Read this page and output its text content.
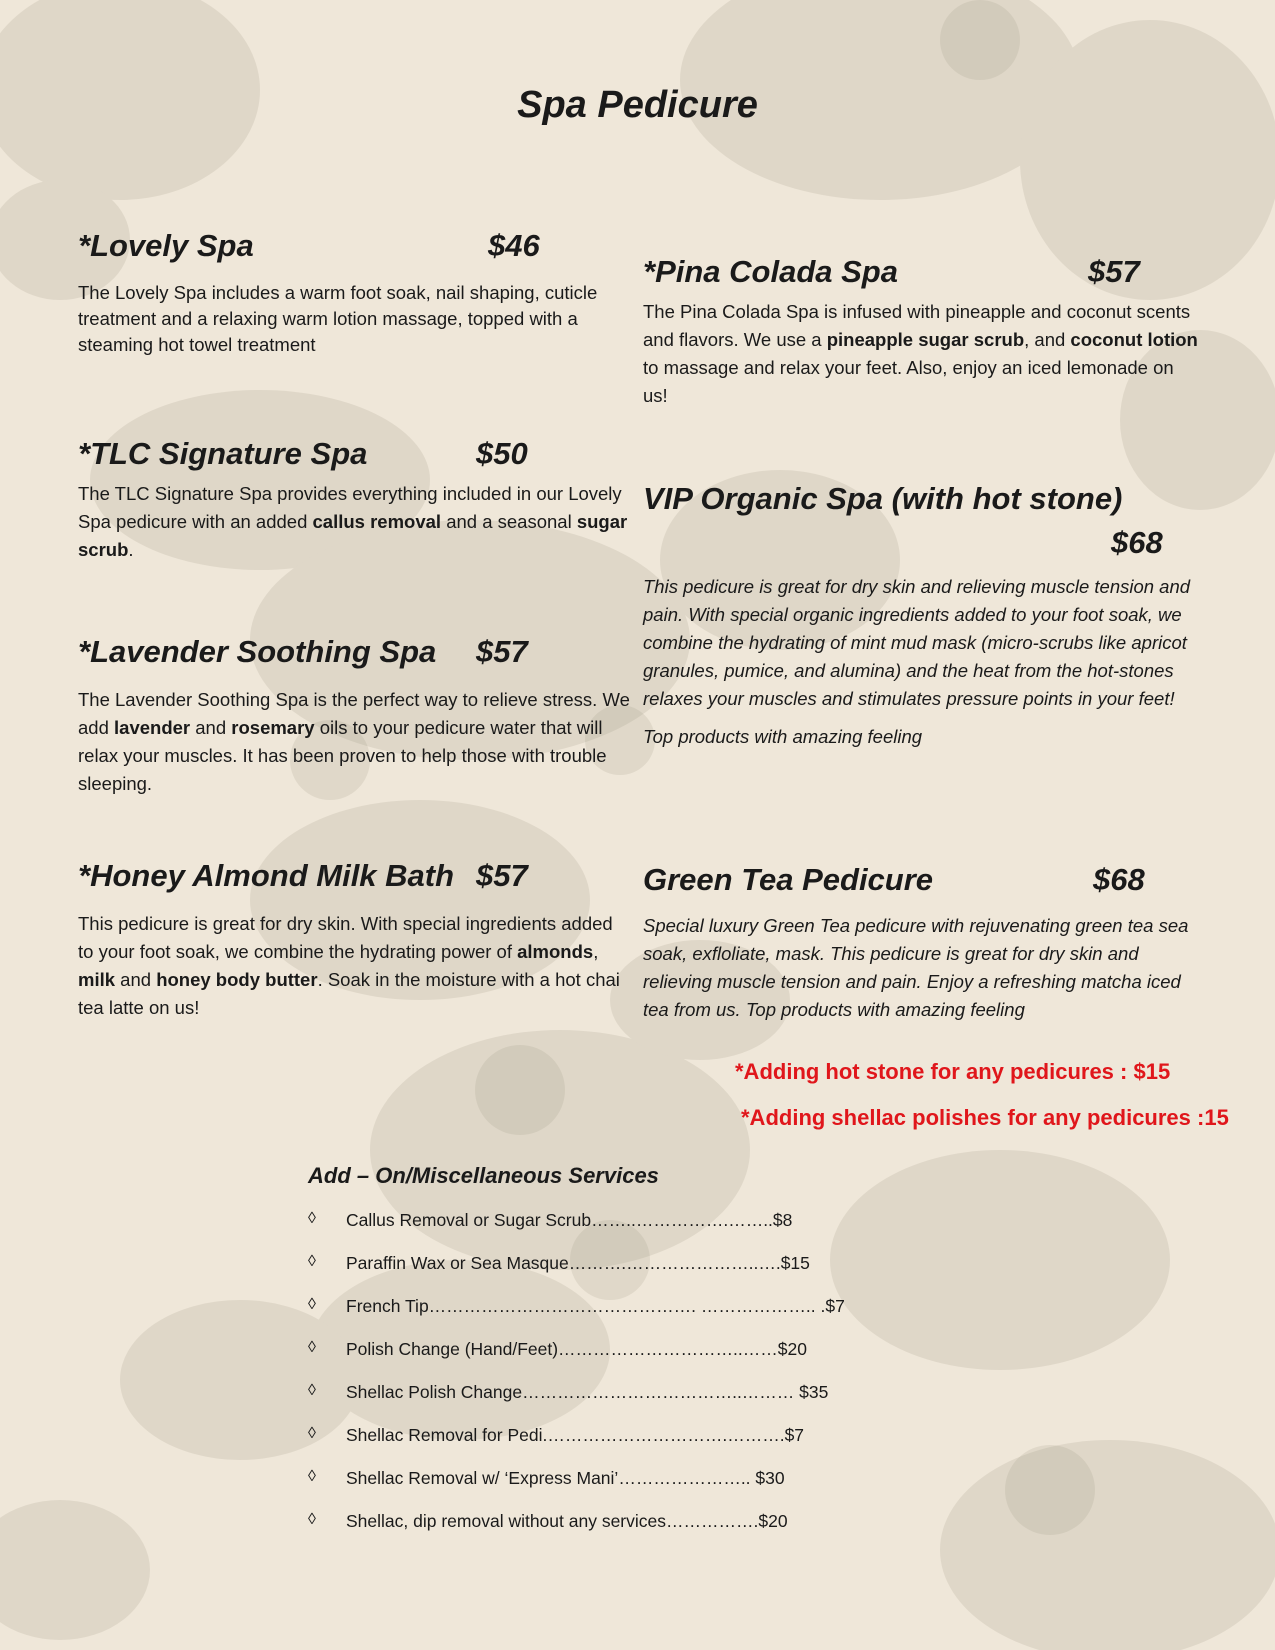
Spa Pedicure
*Lovely Spa	$46

The Lovely Spa includes a warm foot soak, nail shaping, cuticle treatment and a relaxing warm lotion massage, topped with a steaming hot towel treatment

*TLC Signature Spa	$50

The TLC Signature Spa provides everything included in our Lovely Spa pedicure with an added callus removal and a seasonal sugar scrub.

*Lavender Soothing Spa $57

The Lavender Soothing Spa is the perfect way to relieve stress. We add lavender and rosemary oils to your pedicure water that will relax your muscles. It has been proven to help those with trouble sleeping.

*Honey Almond Milk Bath $57

This pedicure is great for dry skin. With special ingredients added to your foot soak, we combine the hydrating power of almonds, milk and honey body butter. Soak in the moisture with a hot chai tea latte on us!

*Pina Colada Spa	$57

The Pina Colada Spa is infused with pineapple and coconut scents and flavors. We use a pineapple sugar scrub, and coconut lotion to massage and relax your feet. Also, enjoy an iced lemonade on us!

VIP Organic Spa (with hot stone)
$68

This pedicure is great for dry skin and relieving muscle tension and pain. With special organic ingredients added to your foot soak, we combine the hydrating of mint mud mask (micro-scrubs like apricot granules, pumice, and alumina) and the heat from the hot-stones relaxes your muscles and stimulates pressure points in your feet!

Top products with amazing feeling
Green Tea Pedicure	$68

Special luxury Green Tea pedicure with rejuvenating green tea sea soak, exfloliate, mask. This pedicure is great for dry skin and relieving muscle tension and pain. Enjoy a refreshing matcha iced tea from us. Top products with amazing feeling

*Adding hot stone for any pedicures : $15
*Adding shellac polishes for any pedicures :15
Add – On/Miscellaneous Services
◊	Callus Removal or Sugar Scrub……..…………….……..$8
◊	Paraffin Wax or Sea Masque……….…………………..….$15
◊	French Tip………………………………………. ……………….. .$7
◊	Polish Change (Hand/Feet)…………………………..……$20
◊	Shellac Polish Change………………………………..……… $35
◊	Shellac Removal for Pedi.………………………….……….$7
◊	Shellac Removal w/ ‘Express Mani’………………….. $30
◊	Shellac, dip removal without any services…………….$20
